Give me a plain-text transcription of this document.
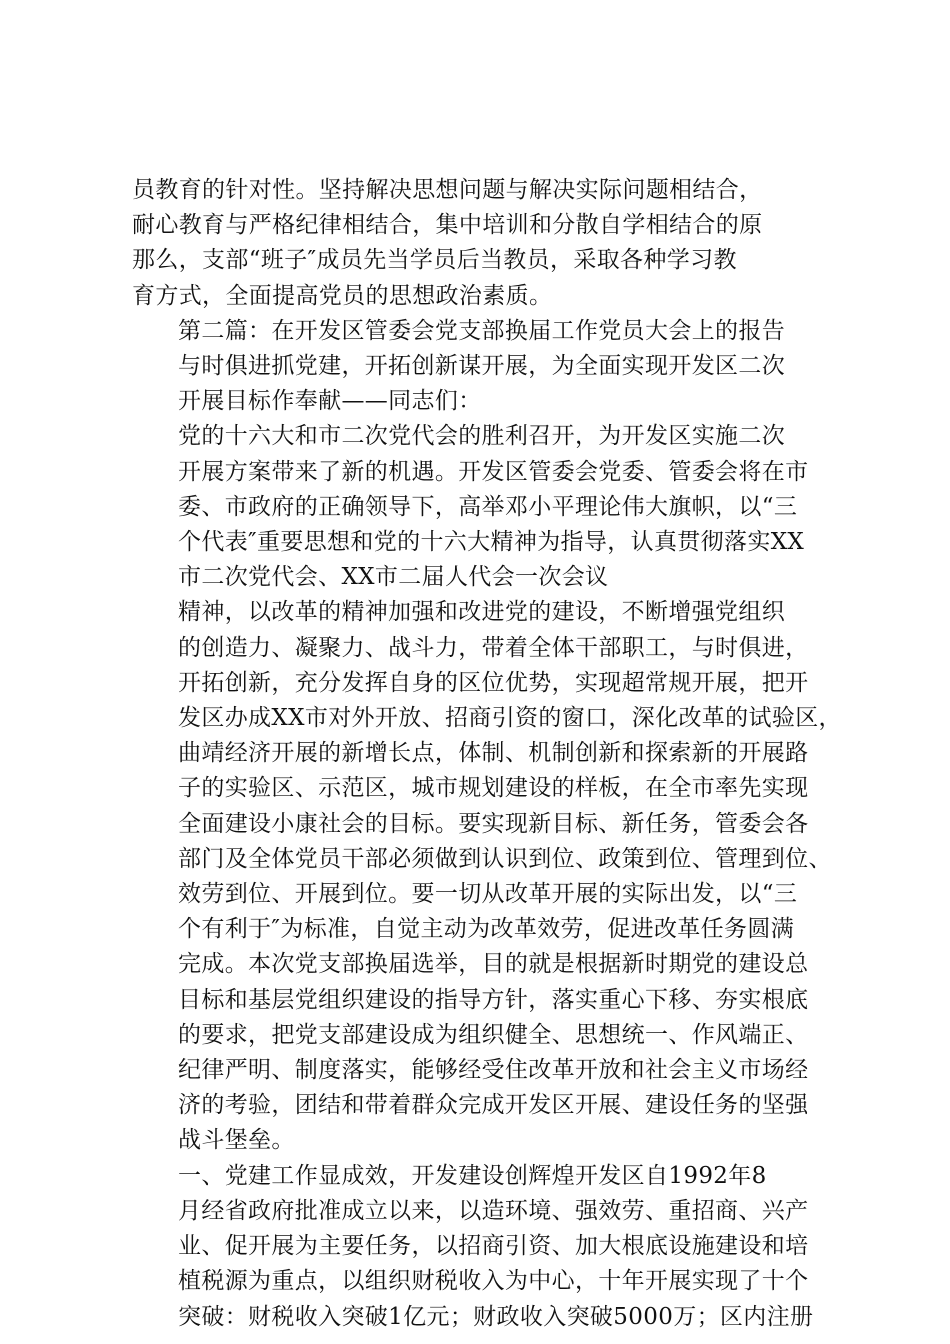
员教育的针对性。坚持解决思想问题与解决实际问题相结合，
耐心教育与严格纪律相结合，集中培训和分散自学相结合的原
那么，支部“班子″成员先当学员后当教员，采取各种学习教
育方式，全面提高党员的思想政治素质。

第二篇：在开发区管委会党支部换届工作党员大会上的报告

与时俱进抓党建，开拓创新谋开展，为全面实现开发区二次
开展目标作奉献——同志们：

党的十六大和市二次党代会的胜利召开，为开发区实施二次
开展方案带来了新的机遇。开发区管委会党委、管委会将在市
委、市政府的正确领导下，高举邓小平理论伟大旗帜，以“三
个代表″重要思想和党的十六大精神为指导，认真贯彻落实XX
市二次党代会、XX市二届人代会一次会议

精神，以改革的精神加强和改进党的建设，不断增强党组织
的创造力、凝聚力、战斗力，带着全体干部职工，与时俱进，
开拓创新，充分发挥自身的区位优势，实现超常规开展，把开
发区办成XX市对外开放、招商引资的窗口，深化改革的试验区，
曲靖经济开展的新增长点，体制、机制创新和探索新的开展路
子的实验区、示范区，城市规划建设的样板，在全市率先实现
全面建设小康社会的目标。要实现新目标、新任务，管委会各
部门及全体党员干部必须做到认识到位、政策到位、管理到位、
效劳到位、开展到位。要一切从改革开展的实际出发，以“三
个有利于″为标准，自觉主动为改革效劳，促进改革任务圆满
完成。本次党支部换届选举，目的就是根据新时期党的建设总
目标和基层党组织建设的指导方针，落实重心下移、夯实根底
的要求，把党支部建设成为组织健全、思想统一、作风端正、
纪律严明、制度落实，能够经受住改革开放和社会主义市场经
济的考验，团结和带着群众完成开发区开展、建设任务的坚强
战斗堡垒。

一、党建工作显成效，开发建设创辉煌开发区自1992年8
月经省政府批准成立以来，以造环境、强效劳、重招商、兴产
业、促开展为主要任务，以招商引资、加大根底设施建设和培
植税源为重点，以组织财税收入为中心，十年开展实现了十个
突破：财税收入突破1亿元；财政收入突破5000万；区内注册
